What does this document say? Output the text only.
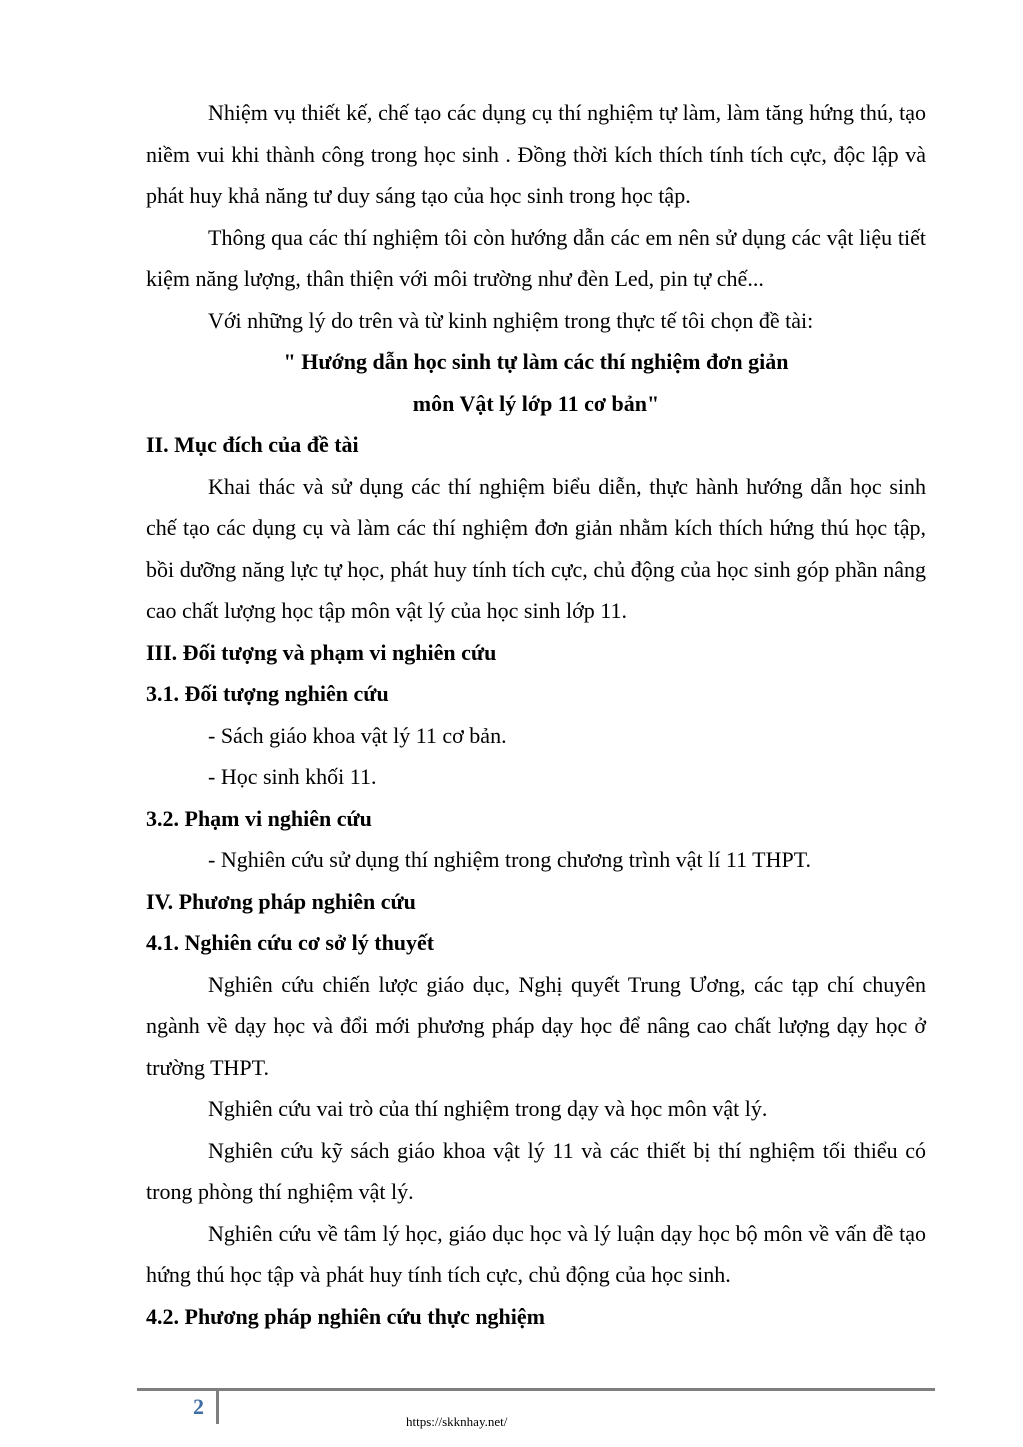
Nhiệm vụ thiết kế, chế tạo các dụng cụ thí nghiệm tự làm, làm tăng hứng thú, tạo niềm vui khi thành công trong học sinh . Đồng thời kích thích tính tích cực, độc lập và phát huy khả năng tư duy sáng tạo của học sinh trong học tập.

Thông qua các thí nghiệm tôi còn hướng dẫn các em nên sử dụng các vật liệu tiết kiệm năng lượng, thân thiện với môi trường như đèn Led, pin tự chế...

Với những lý do trên và từ kinh nghiệm trong thực tế tôi chọn đề tài:

" Hướng dẫn học sinh tự làm các thí nghiệm đơn giản

môn Vật lý lớp 11 cơ bản"

II. Mục đích của đề tài

Khai thác và sử dụng các thí nghiệm biểu diễn, thực hành hướng dẫn học sinh chế tạo các dụng cụ và làm các thí nghiệm đơn giản nhằm kích thích hứng thú học tập, bồi dưỡng năng lực tự học, phát huy tính tích cực, chủ động của học sinh góp phần nâng cao chất lượng học tập môn vật lý của học sinh lớp 11.

III. Đối tượng và phạm vi nghiên cứu

3.1. Đối tượng nghiên cứu

- Sách giáo khoa vật lý 11 cơ bản.

- Học sinh khối 11.

3.2. Phạm vi nghiên cứu

- Nghiên cứu sử dụng thí nghiệm trong chương trình vật lí 11 THPT.

IV. Phương pháp nghiên cứu

4.1. Nghiên cứu cơ sở lý thuyết

Nghiên cứu chiến lược giáo dục, Nghị quyết Trung Ương, các tạp chí chuyên ngành về dạy học và đổi mới phương pháp dạy học để nâng cao chất lượng dạy học ở trường THPT.

Nghiên cứu vai trò của thí nghiệm trong dạy và học môn vật lý.

Nghiên cứu kỹ sách giáo khoa vật lý 11 và các thiết bị thí nghiệm tối thiểu có trong phòng thí nghiệm vật lý.

Nghiên cứu về tâm lý học, giáo dục học và lý luận dạy học bộ môn về vấn đề tạo hứng thú học tập và phát huy tính tích cực, chủ động của học sinh.

4.2. Phương pháp nghiên cứu thực nghiệm

2
https://skknhay.net/
